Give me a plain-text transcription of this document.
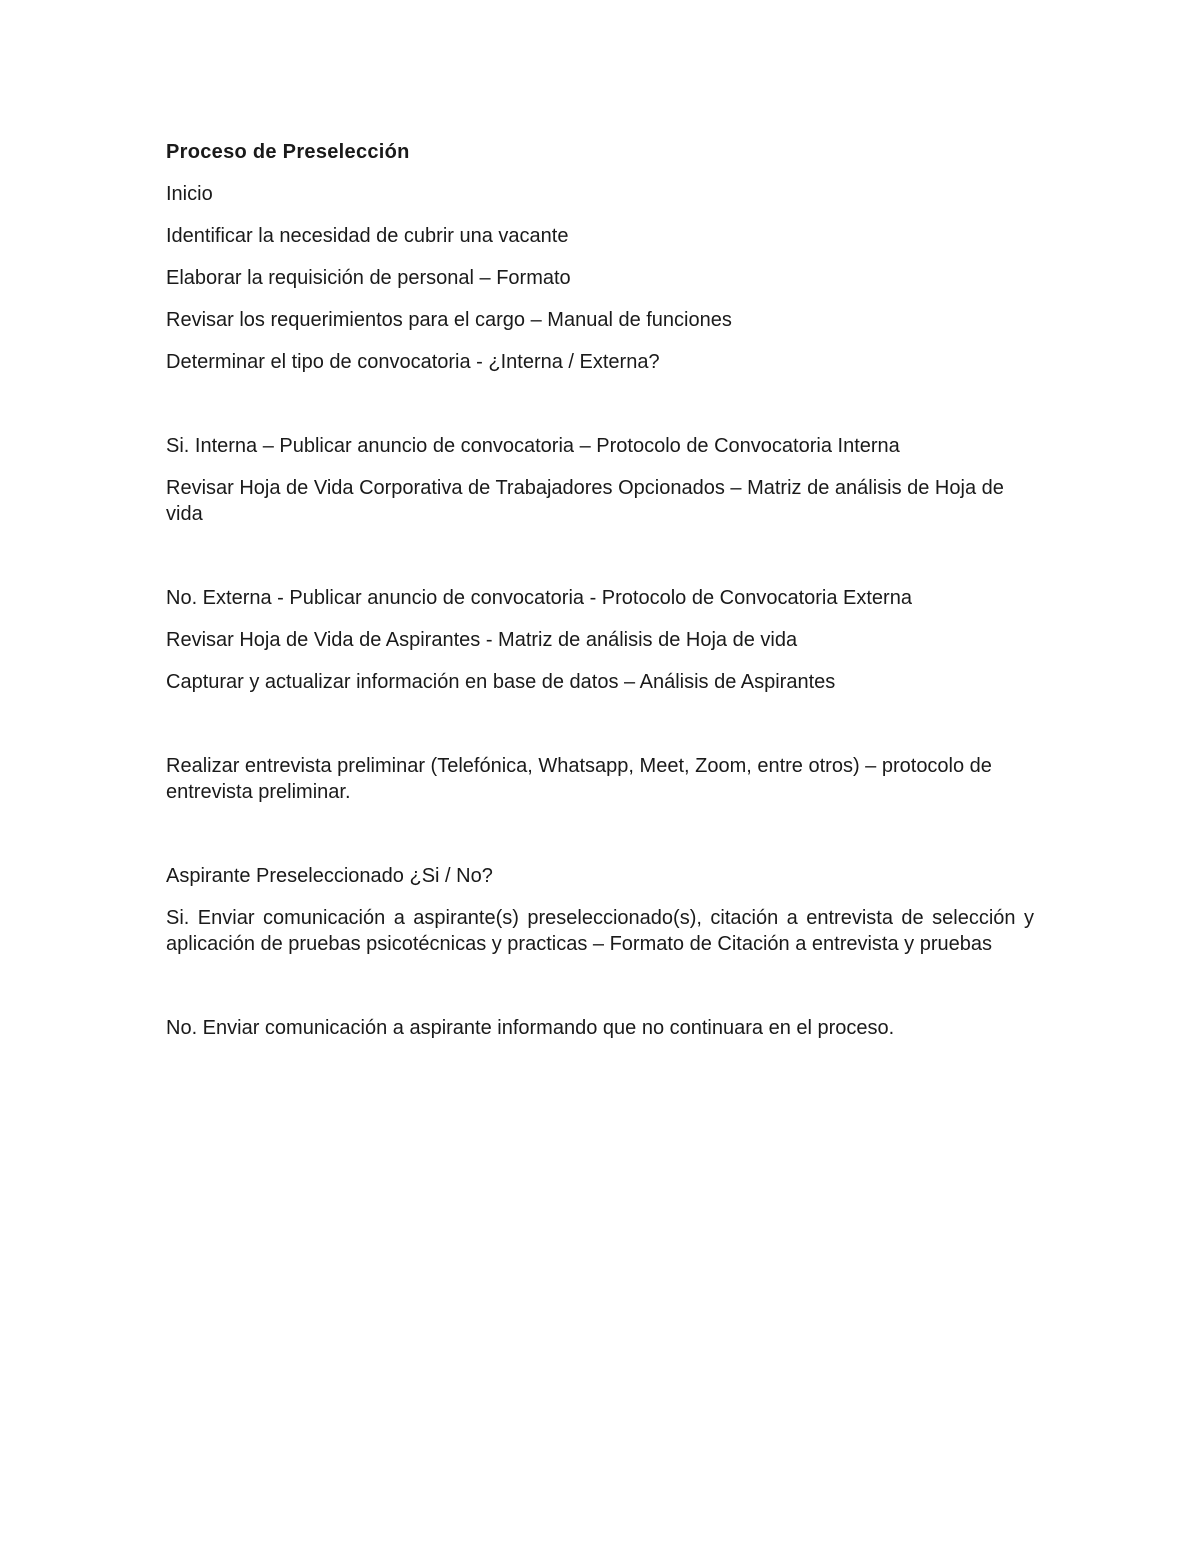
Proceso de Preselección

Inicio

Identificar la necesidad de cubrir una vacante

Elaborar la requisición de personal – Formato

Revisar los requerimientos para el cargo – Manual de funciones

Determinar el tipo de convocatoria - ¿Interna / Externa?

Si. Interna – Publicar anuncio de convocatoria – Protocolo de Convocatoria Interna

Revisar Hoja de Vida Corporativa de Trabajadores Opcionados – Matriz de análisis de Hoja de vida

No. Externa - Publicar anuncio de convocatoria - Protocolo de Convocatoria Externa

Revisar Hoja de Vida de Aspirantes - Matriz de análisis de Hoja de vida

Capturar y actualizar información en base de datos – Análisis de Aspirantes

Realizar entrevista preliminar (Telefónica, Whatsapp, Meet, Zoom, entre otros) – protocolo de entrevista preliminar.

Aspirante Preseleccionado ¿Si / No?

Si. Enviar comunicación a aspirante(s) preseleccionado(s), citación a entrevista de selección y aplicación de pruebas psicotécnicas y practicas – Formato de Citación a entrevista y pruebas

No. Enviar comunicación a aspirante informando que no continuara en el proceso.
